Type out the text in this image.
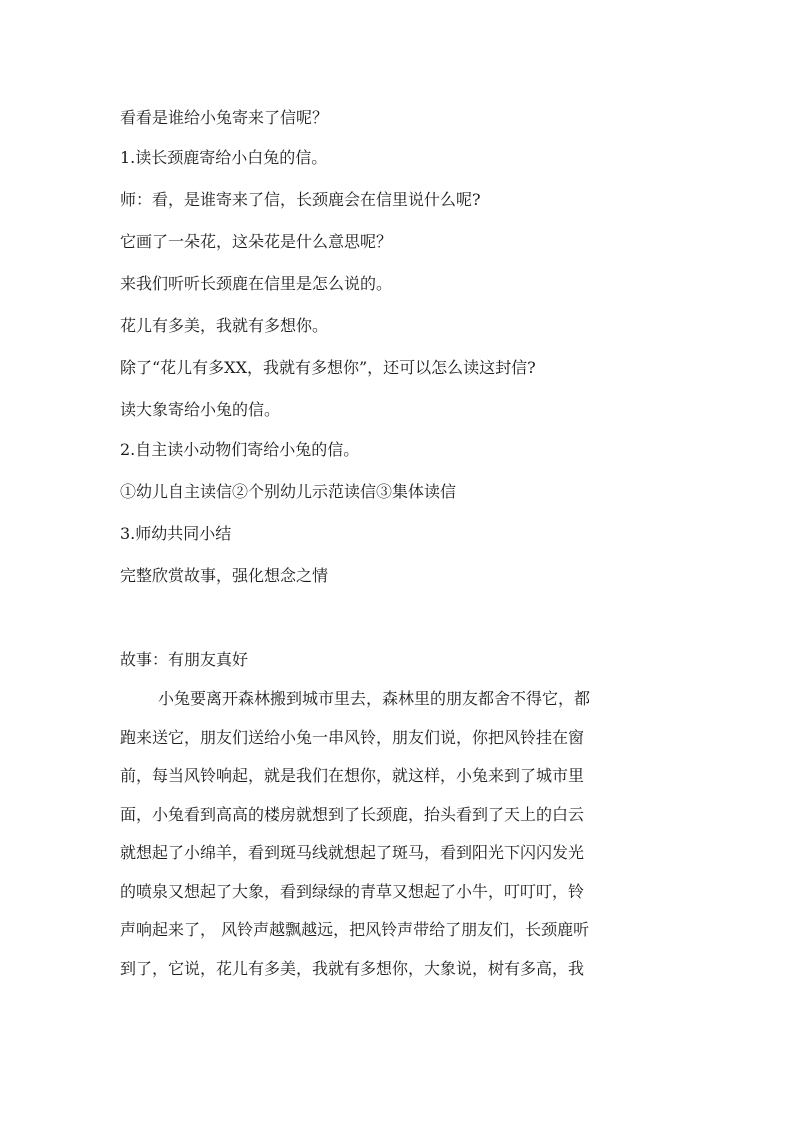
看看是谁给小兔寄来了信呢？
1.读长颈鹿寄给小白兔的信。
师：看，是谁寄来了信，长颈鹿会在信里说什么呢?
它画了一朵花，这朵花是什么意思呢？
来我们听听长颈鹿在信里是怎么说的。
花儿有多美，我就有多想你。
除了“花儿有多XX，我就有多想你”，还可以怎么读这封信?
读大象寄给小兔的信。
2.自主读小动物们寄给小兔的信。
①幼儿自主读信②个别幼儿示范读信③集体读信
3.师幼共同小结
完整欣赏故事，强化想念之情
故事：有朋友真好
小兔要离开森林搬到城市里去，森林里的朋友都舍不得它，都
跑来送它，朋友们送给小兔一串风铃，朋友们说，你把风铃挂在窗
前，每当风铃响起，就是我们在想你，就这样，小兔来到了城市里
面，小兔看到高高的楼房就想到了长颈鹿，抬头看到了天上的白云
就想起了小绵羊，看到斑马线就想起了斑马，看到阳光下闪闪发光
的喷泉又想起了大象，看到绿绿的青草又想起了小牛，叮叮叮，铃
声响起来了， 风铃声越飘越远，把风铃声带给了朋友们，长颈鹿听
到了，它说，花儿有多美，我就有多想你，大象说，树有多高，我
